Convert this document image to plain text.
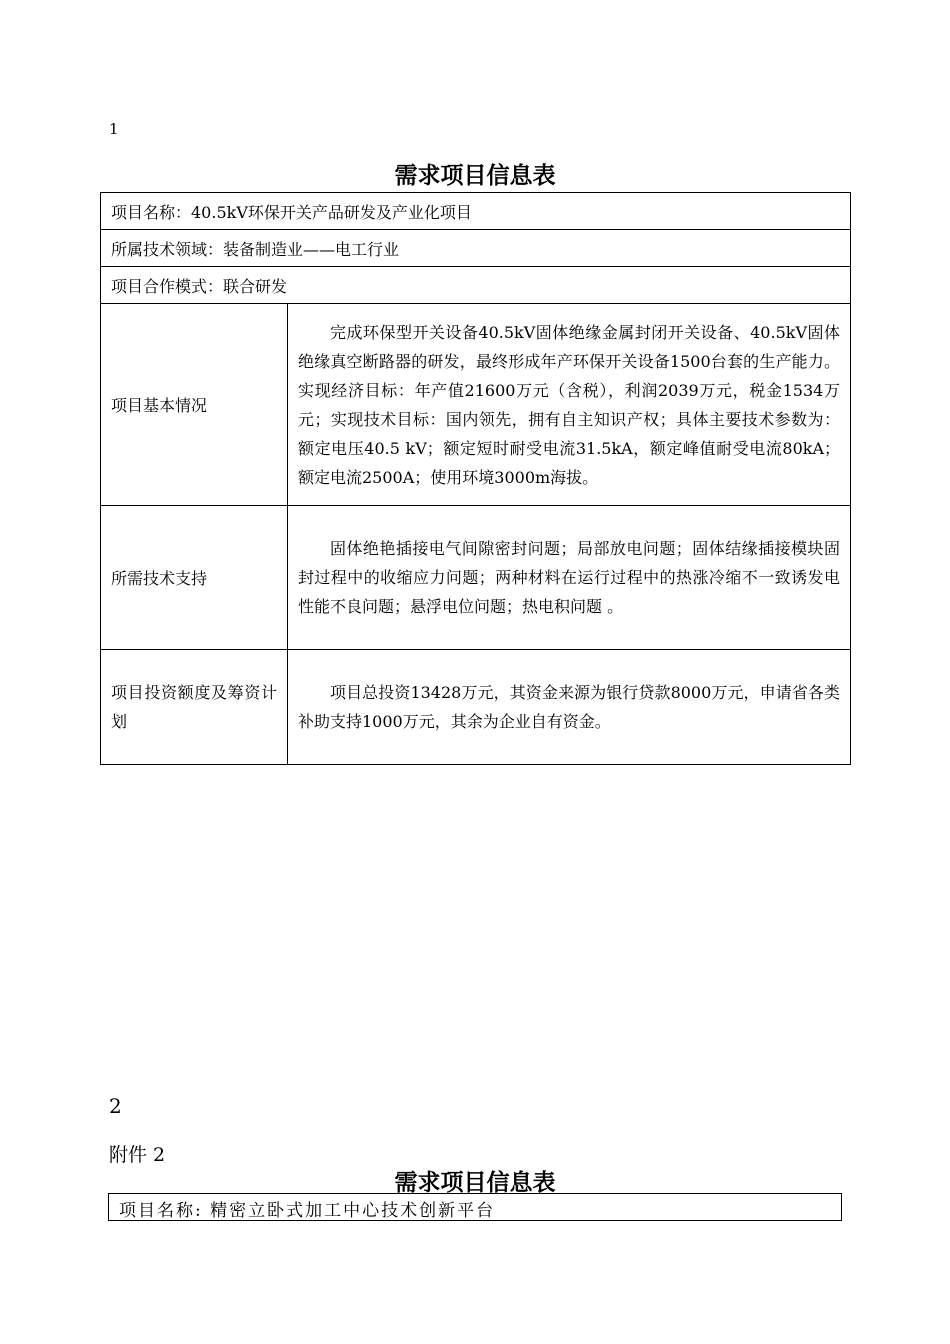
1
需求项目信息表
项目名称：40.5kV环保开关产品研发及产业化项目	
所属技术领域：装备制造业——电工行业	
项目合作模式：联合研发	
项目基本情况	完成环保型开关设备40.5kV固体绝缘金属封闭开关设备、40.5kV固体绝缘真空断路器的研发，最终形成年产环保开关设备1500台套的生产能力。实现经济目标：年产值21600万元（含税），利润2039万元，税金1534万元；实现技术目标：国内领先，拥有自主知识产权；具体主要技术参数为：额定电压40.5 kV；额定短时耐受电流31.5kA，额定峰值耐受电流80kA；额定电流2500A；使用环境3000m海拔。

所需技术支持	固体绝艳插接电气间隙密封问题；局部放电问题；固体结缘插接模块固封过程中的收缩应力问题；两种材料在运行过程中的热涨冷缩不一致诱发电性能不良问题；悬浮电位问题；热电积问题 。

项目投资额度及筹资计划	项目总投资13428万元，其资金来源为银行贷款8000万元，申请省各类补助支持1000万元，其余为企业自有资金。

2
附件 2
需求项目信息表
项目名称: 精密立卧式加工中心技术创新平台
